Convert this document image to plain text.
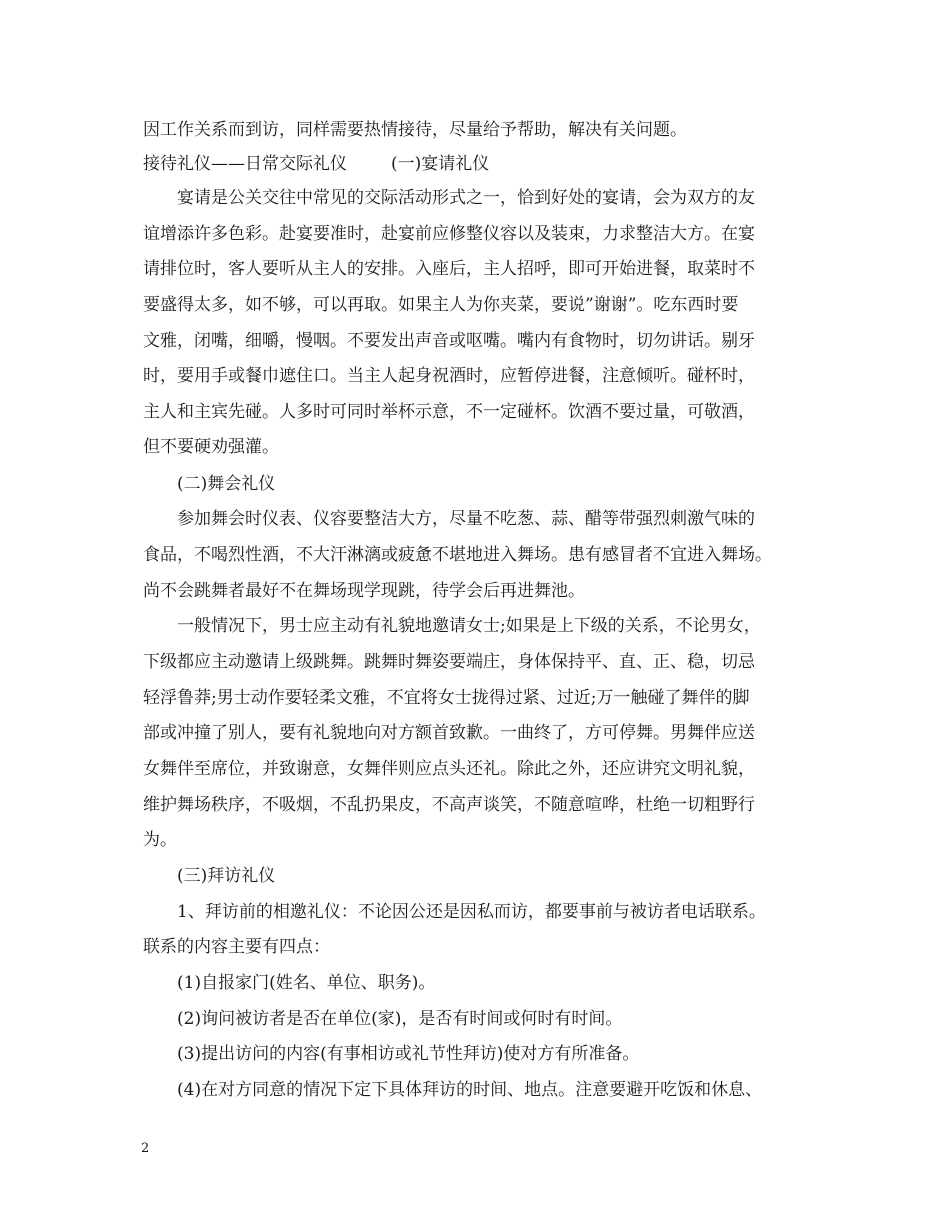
因工作关系而到访，同样需要热情接待，尽量给予帮助，解决有关问题。
接待礼仪——日常交际礼仪	(一)宴请礼仪
宴请是公关交往中常见的交际活动形式之一，恰到好处的宴请，会为双方的友
谊增添许多色彩。赴宴要准时，赴宴前应修整仪容以及装束，力求整洁大方。在宴
请排位时，客人要听从主人的安排。入座后，主人招呼，即可开始进餐，取菜时不
要盛得太多，如不够，可以再取。如果主人为你夹菜，要说”谢谢”。吃东西时要
文雅，闭嘴，细嚼，慢咽。不要发出声音或呕嘴。嘴内有食物时，切勿讲话。剔牙
时，要用手或餐巾遮住口。当主人起身祝酒时，应暂停进餐，注意倾听。碰杯时，
主人和主宾先碰。人多时可同时举杯示意，不一定碰杯。饮酒不要过量，可敬酒，
但不要硬劝强灌。
(二)舞会礼仪
参加舞会时仪表、仪容要整洁大方，尽量不吃葱、蒜、醋等带强烈刺激气味的
食品，不喝烈性酒，不大汗淋漓或疲惫不堪地进入舞场。患有感冒者不宜进入舞场。
尚不会跳舞者最好不在舞场现学现跳，待学会后再进舞池。
一般情况下，男士应主动有礼貌地邀请女士;如果是上下级的关系，不论男女，
下级都应主动邀请上级跳舞。跳舞时舞姿要端庄，身体保持平、直、正、稳，切忌
轻浮鲁莽;男士动作要轻柔文雅，不宜将女士拢得过紧、过近;万一触碰了舞伴的脚
部或冲撞了别人，要有礼貌地向对方额首致歉。一曲终了，方可停舞。男舞伴应送
女舞伴至席位，并致谢意，女舞伴则应点头还礼。除此之外，还应讲究文明礼貌，
维护舞场秩序，不吸烟，不乱扔果皮，不高声谈笑，不随意喧哗，杜绝一切粗野行
为。
(三)拜访礼仪
1、拜访前的相邀礼仪：不论因公还是因私而访，都要事前与被访者电话联系。
联系的内容主要有四点：
(1)自报家门(姓名、单位、职务)。
(2)询问被访者是否在单位(家)，是否有时间或何时有时间。
(3)提出访问的内容(有事相访或礼节性拜访)使对方有所准备。
(4)在对方同意的情况下定下具体拜访的时间、地点。注意要避开吃饭和休息、
2
